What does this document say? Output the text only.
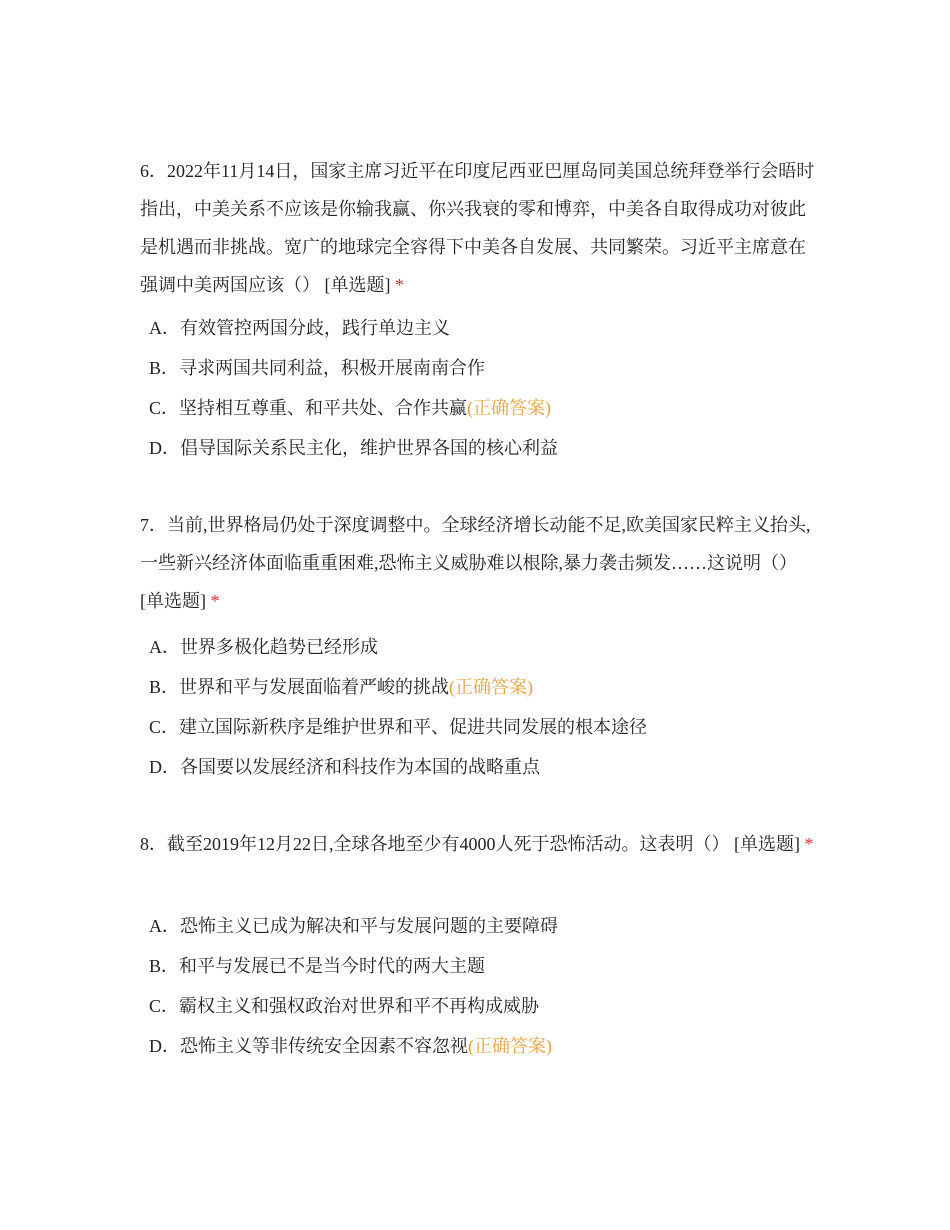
6．2022年11月14日，国家主席习近平在印度尼西亚巴厘岛同美国总统拜登举行会晤时指出，中美关系不应该是你输我赢、你兴我衰的零和博弈，中美各自取得成功对彼此是机遇而非挑战。宽广的地球完全容得下中美各自发展、共同繁荣。习近平主席意在强调中美两国应该（） [单选题] *

A．有效管控两国分歧，践行单边主义
B．寻求两国共同利益，积极开展南南合作
C．坚持相互尊重、和平共处、合作共赢(正确答案)
D．倡导国际关系民主化，维护世界各国的核心利益

7．当前,世界格局仍处于深度调整中。全球经济增长动能不足,欧美国家民粹主义抬头,一些新兴经济体面临重重困难,恐怖主义威胁难以根除,暴力袭击频发……这说明（） [单选题] *

A．世界多极化趋势已经形成
B．世界和平与发展面临着严峻的挑战(正确答案)
C．建立国际新秩序是维护世界和平、促进共同发展的根本途径
D．各国要以发展经济和科技作为本国的战略重点

8．截至2019年12月22日,全球各地至少有4000人死于恐怖活动。这表明（） [单选题] *

A．恐怖主义已成为解决和平与发展问题的主要障碍
B．和平与发展已不是当今时代的两大主题
C．霸权主义和强权政治对世界和平不再构成威胁
D．恐怖主义等非传统安全因素不容忽视(正确答案)
